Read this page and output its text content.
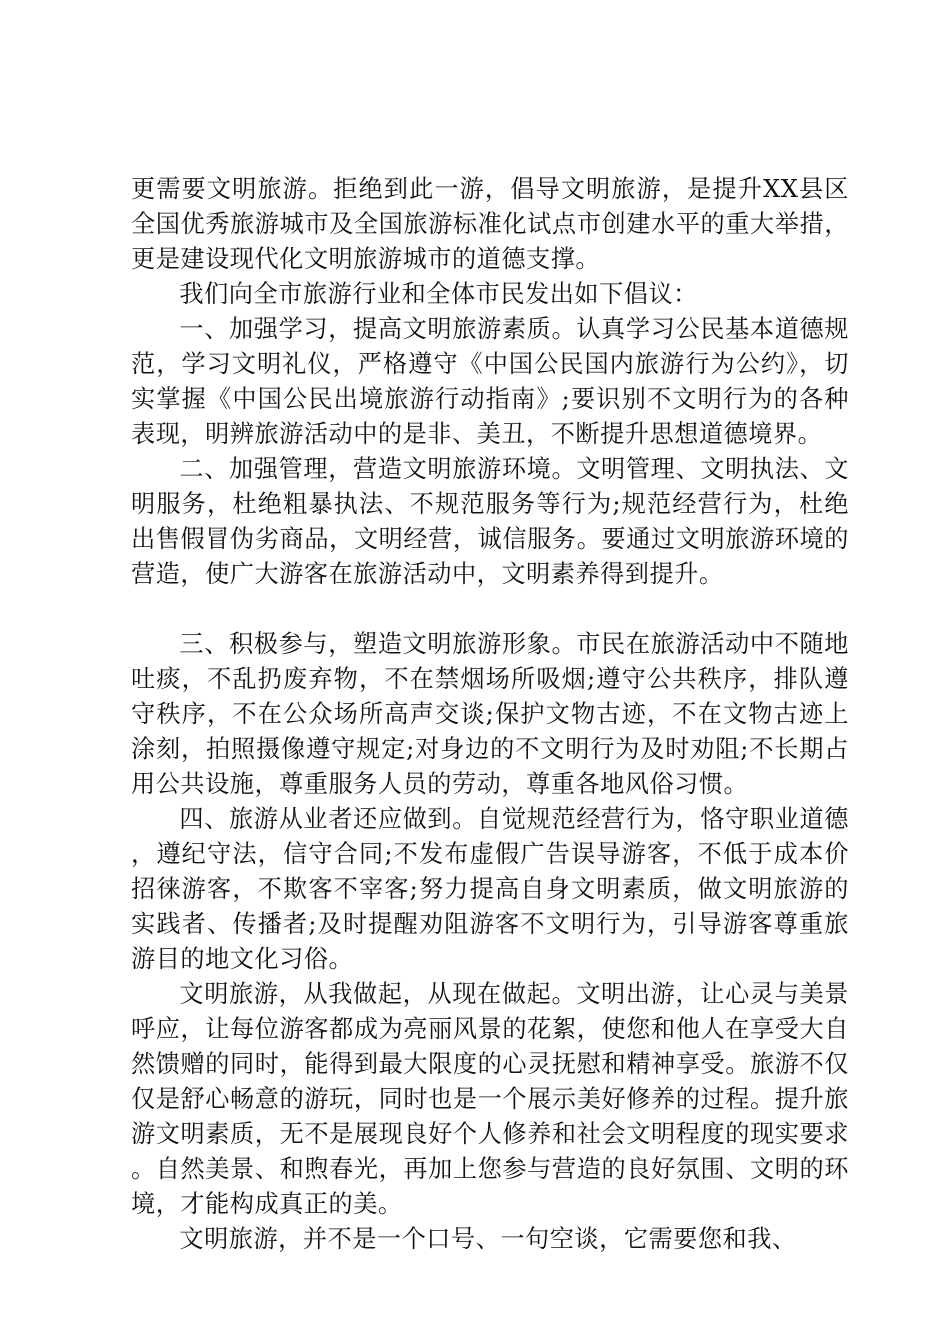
更需要文明旅游。拒绝到此一游，倡导文明旅游，是提升XX县区全国优秀旅游城市及全国旅游标准化试点市创建水平的重大举措，更是建设现代化文明旅游城市的道德支撑。

我们向全市旅游行业和全体市民发出如下倡议：

一、加强学习，提高文明旅游素质。认真学习公民基本道德规范，学习文明礼仪，严格遵守《中国公民国内旅游行为公约》，切实掌握《中国公民出境旅游行动指南》;要识别不文明行为的各种表现，明辨旅游活动中的是非、美丑，不断提升思想道德境界。

二、加强管理，营造文明旅游环境。文明管理、文明执法、文明服务，杜绝粗暴执法、不规范服务等行为;规范经营行为，杜绝出售假冒伪劣商品，文明经营，诚信服务。要通过文明旅游环境的营造，使广大游客在旅游活动中，文明素养得到提升。

三、积极参与，塑造文明旅游形象。市民在旅游活动中不随地吐痰，不乱扔废弃物，不在禁烟场所吸烟;遵守公共秩序，排队遵守秩序，不在公众场所高声交谈;保护文物古迹，不在文物古迹上涂刻，拍照摄像遵守规定;对身边的不文明行为及时劝阻;不长期占用公共设施，尊重服务人员的劳动，尊重各地风俗习惯。

四、旅游从业者还应做到。自觉规范经营行为，恪守职业道德，遵纪守法，信守合同;不发布虚假广告误导游客，不低于成本价招徕游客，不欺客不宰客;努力提高自身文明素质，做文明旅游的实践者、传播者;及时提醒劝阻游客不文明行为，引导游客尊重旅游目的地文化习俗。

文明旅游，从我做起，从现在做起。文明出游，让心灵与美景呼应，让每位游客都成为亮丽风景的花絮，使您和他人在享受大自然馈赠的同时，能得到最大限度的心灵抚慰和精神享受。旅游不仅仅是舒心畅意的游玩，同时也是一个展示美好修养的过程。提升旅游文明素质，无不是展现良好个人修养和社会文明程度的现实要求。自然美景、和煦春光，再加上您参与营造的良好氛围、文明的环境，才能构成真正的美。

文明旅游，并不是一个口号、一句空谈，它需要您和我、
